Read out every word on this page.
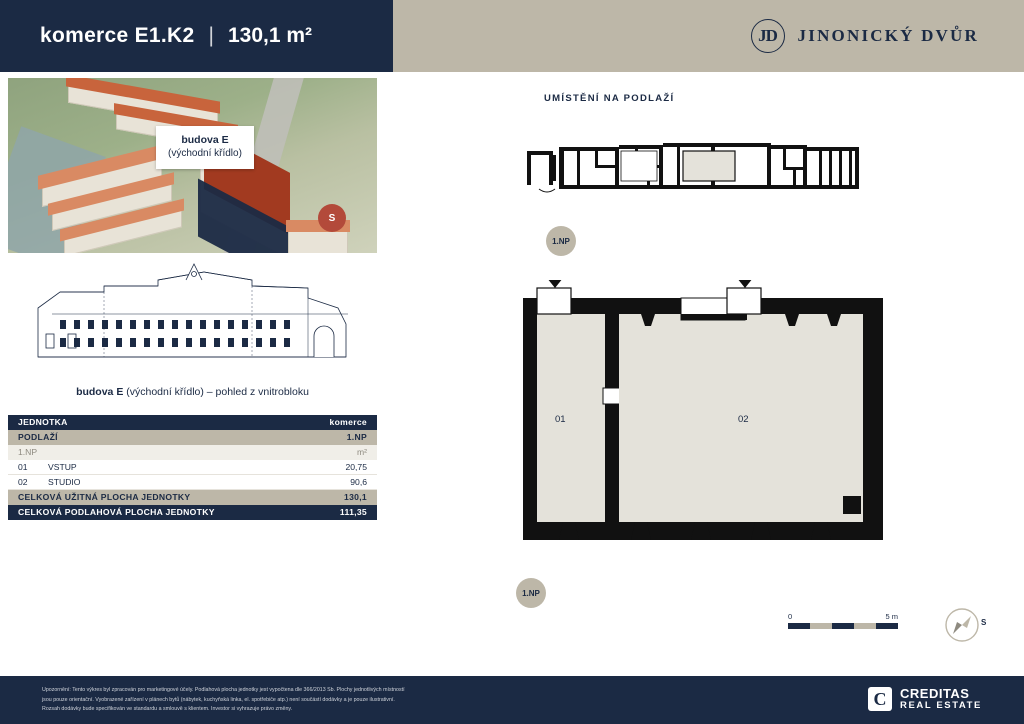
komerce E1.K2 | 130,1 m²	JD	JINONICKÝ DVŮR
budova E
(východní křídlo)
S
budova E (východní křídlo) – pohled z vnitrobloku
JEDNOTKA	komerce
PODLAŽÍ	1.NP
1.NP	m²
01	VSTUP	20,75
02	STUDIO	90,6
CELKOVÁ UŽITNÁ PLOCHA JEDNOTKY	130,1
CELKOVÁ PODLAHOVÁ PLOCHA JEDNOTKY	111,35
UMÍSTĚNÍ NA PODLAŽÍ
1.NP
01	02
1.NP
0	5 m
S
Upozornění: Tento výkres byl zpracován pro marketingové účely. Podlahová plocha jednotky jest vypočtena dle 366/2013 Sb. Plochy jednotlivých místností
jsou pouze orientační. Vyobrazené zařízení v plánech bytů (nábytek, kuchyňská linka, el. spotřebiče atp.) není součástí dodávky a je pouze ilustrativní.
Rozsah dodávky bude specifikován ve standardu a smlouvě s klientem. Investor si vyhrazuje právo změny.
C	CREDITAS
REAL ESTATE
